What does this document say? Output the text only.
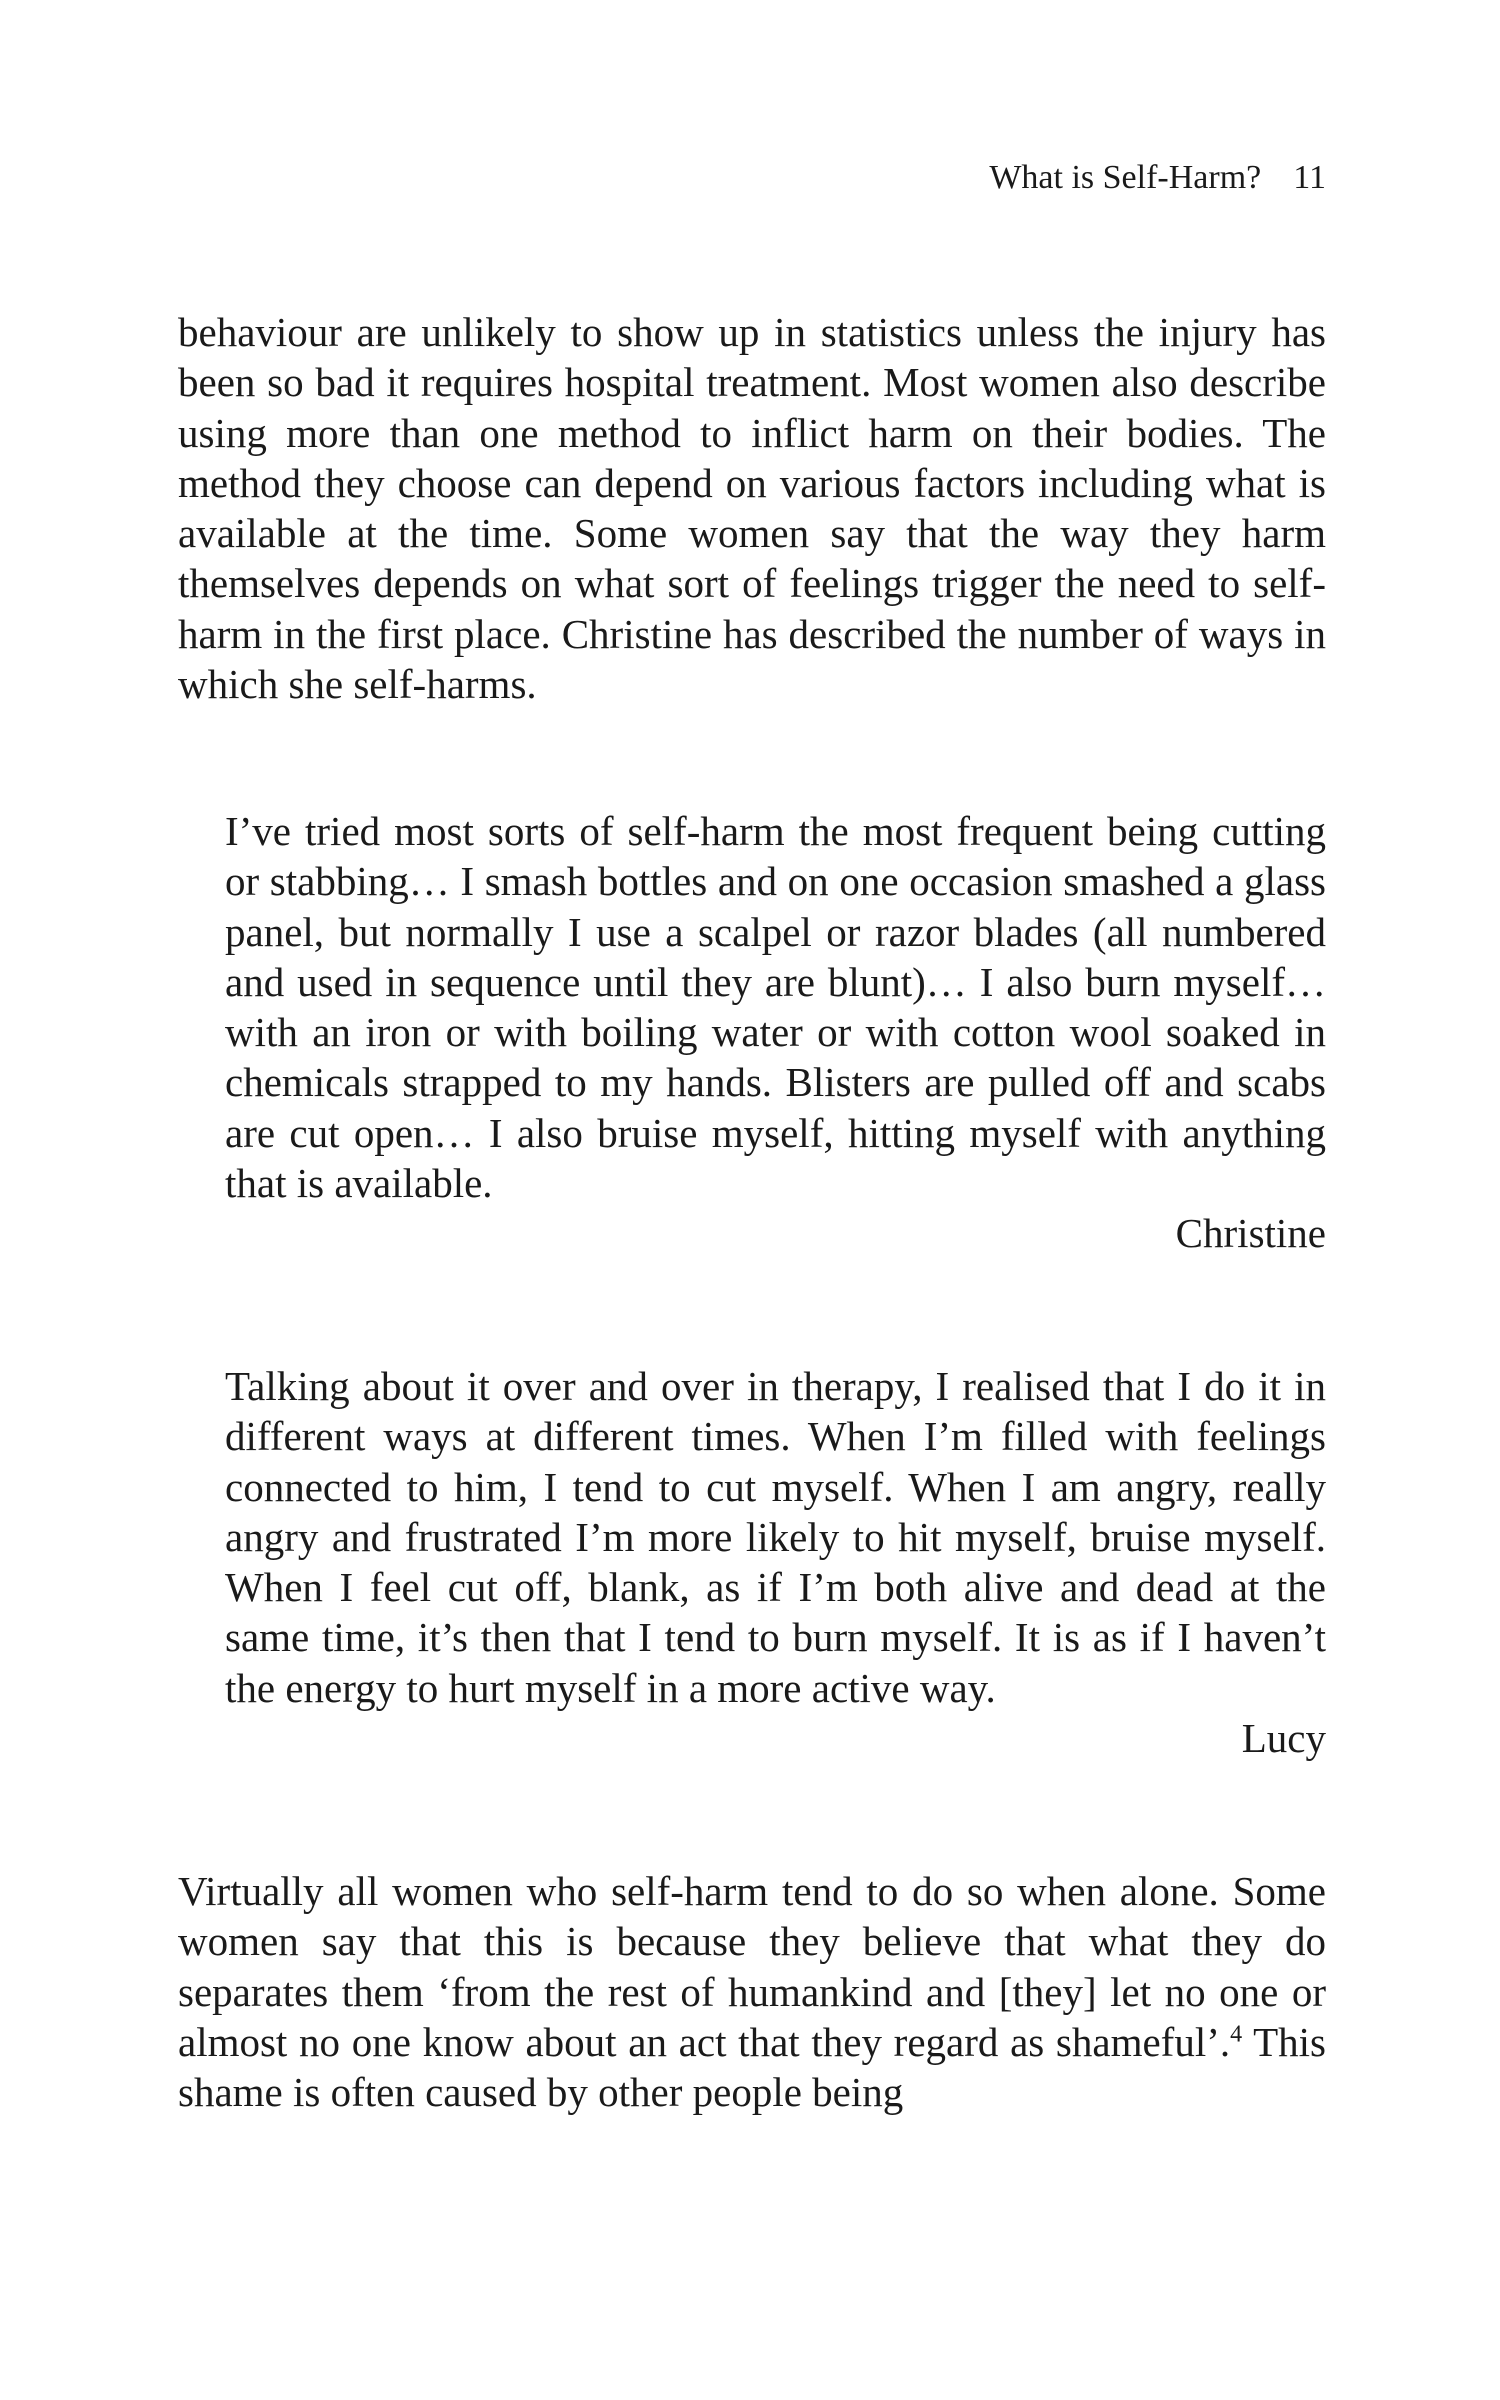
What is Self-Harm? 11

behaviour are unlikely to show up in statistics unless the injury has been so bad it requires hospital treatment. Most women also describe using more than one method to inflict harm on their bodies. The method they choose can depend on various factors including what is available at the time. Some women say that the way they harm themselves depends on what sort of feelings trigger the need to self-harm in the first place. Christine has described the number of ways in which she self-harms.

I’ve tried most sorts of self-harm the most frequent being cutting or stabbing… I smash bottles and on one occasion smashed a glass panel, but normally I use a scalpel or razor blades (all numbered and used in sequence until they are blunt)… I also burn myself… with an iron or with boiling water or with cotton wool soaked in chemicals strapped to my hands. Blisters are pulled off and scabs are cut open… I also bruise myself, hitting myself with anything that is available.

Christine

Talking about it over and over in therapy, I realised that I do it in different ways at different times. When I’m filled with feelings connected to him, I tend to cut myself. When I am angry, really angry and frustrated I’m more likely to hit myself, bruise myself. When I feel cut off, blank, as if I’m both alive and dead at the same time, it’s then that I tend to burn myself. It is as if I haven’t the energy to hurt myself in a more active way.

Lucy

Virtually all women who self-harm tend to do so when alone. Some women say that this is because they believe that what they do separates them ‘from the rest of humankind and [they] let no one or almost no one know about an act that they regard as shameful’.$^4$ This shame is often caused by other people being
